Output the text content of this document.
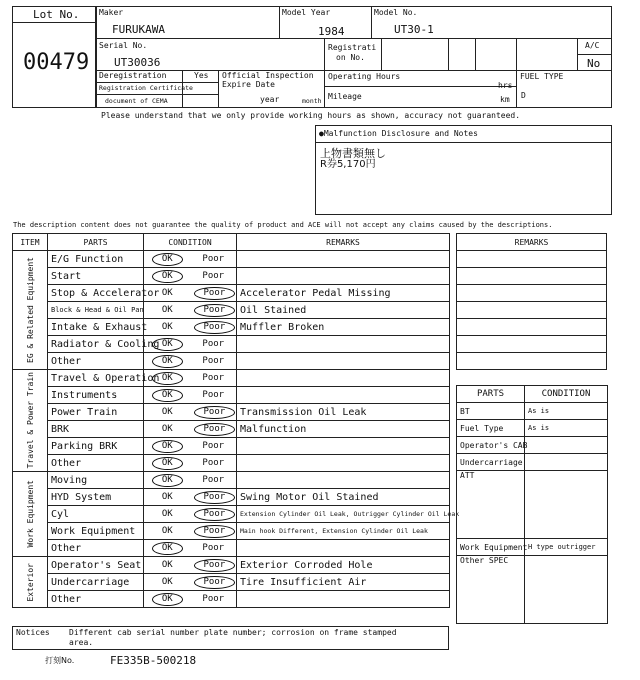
Lot No.
00479
Maker
FURUKAWA
Model Year
1984
Model No.
UT30-1
Serial No.
UT30036
Registrati
on No.
A/C
No
Deregistration	Yes
Registration Certificate
document of CEMA
Official Inspection
Expire Date
year	month
Operating Hours
hrs
Mileage	km
FUEL TYPE
D
Please understand that we only provide working hours as shown, accuracy not guaranteed.
●Malfunction Disclosure and Notes
上物書類無し
R券5,170円
The description content does not guarantee the quality of product and ACE will not accept any claims caused by the descriptions.
ITEM	PARTS	CONDITION		REMARKS

EG & Related Equipment	E/G Function	OK	Poor	
	Start	OK	Poor	
	Stop & Accelerator	OK	Poor	Accelerator Pedal Missing
	Block & Head & Oil Pan	OK	Poor	Oil Stained
	Intake & Exhaust	OK	Poor	Muffler Broken
	Radiator & Cooling	OK	Poor	
	Other	OK	Poor	

Travel & Power Train	Travel & Operation	OK	Poor	
	Instruments	OK	Poor	
	Power Train	OK	Poor	Transmission Oil Leak
	BRK	OK	Poor	Malfunction
	Parking BRK	OK	Poor	
	Other	OK	Poor	

Work Equipment	Moving	OK	Poor	
	HYD System	OK	Poor	Swing Motor Oil Stained
	Cyl	OK	Poor	Extension Cylinder Oil Leak, Outrigger Cylinder Oil Leak
	Work Equipment	OK	Poor	Main hook Different, Extension Cylinder Oil Leak
	Other	OK	Poor	

Exterior	Operator's Seat	OK	Poor	Exterior Corroded Hole
	Undercarriage	OK	Poor	Tire Insufficient Air
	Other	OK	Poor	
REMARKS

PARTS	CONDITION
BT	As is
Fuel Type	As is
Operator's CAB	
Undercarriage	
ATT	
Work Equipment	H type outrigger
Other SPEC	
Notices Different cab serial number plate number; corrosion on frame stamped
area.
打刻No.	FE335B-500218
